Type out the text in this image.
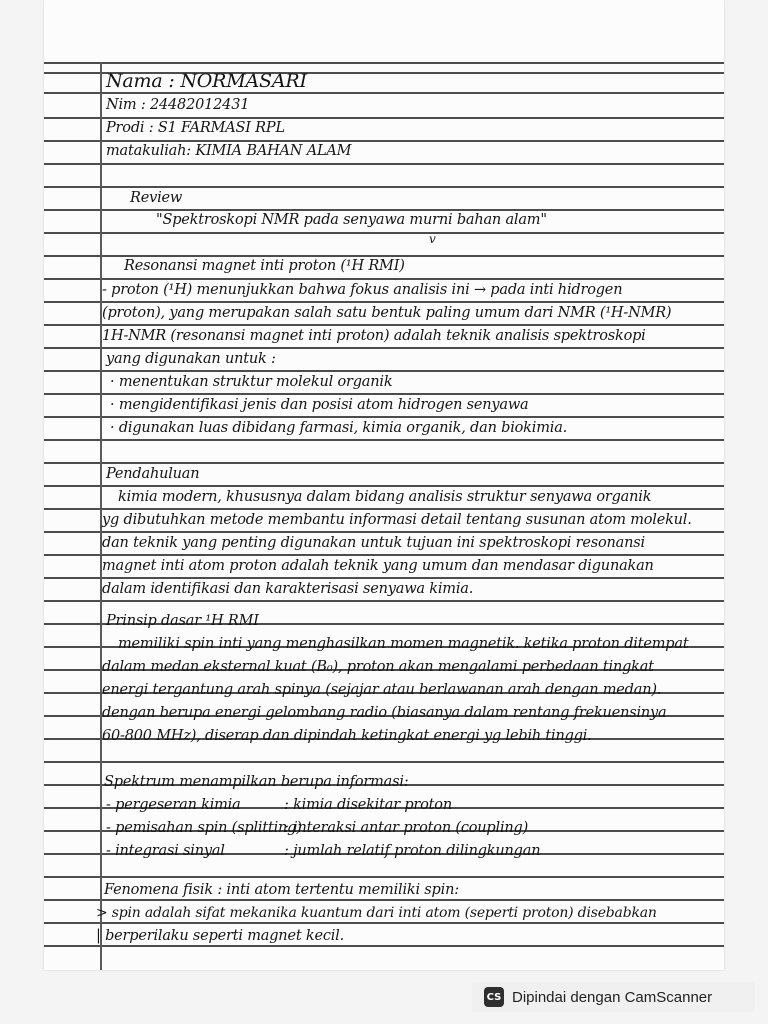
Nama : NORMASARI
Nim : 24482012431
Prodi : S1 FARMASI RPL
matakuliah: KIMIA BAHAN ALAM
Review
"Spektroskopi NMR pada senyawa murni bahan alam"
v
Resonansi magnet inti proton (¹H RMI)
- proton (¹H) menunjukkan bahwa fokus analisis ini → pada inti hidrogen
(proton), yang merupakan salah satu bentuk paling umum dari NMR (¹H-NMR)
1H-NMR (resonansi magnet inti proton) adalah teknik analisis spektroskopi
yang digunakan untuk :
· menentukan struktur molekul organik
· mengidentifikasi jenis dan posisi atom hidrogen senyawa
· digunakan luas dibidang farmasi, kimia organik, dan biokimia.
Pendahuluan
kimia modern, khususnya dalam bidang analisis struktur senyawa organik
yg dibutuhkan metode membantu informasi detail tentang susunan atom molekul.
dan teknik yang penting digunakan untuk tujuan ini spektroskopi resonansi
magnet inti atom proton adalah teknik yang umum dan mendasar digunakan
dalam identifikasi dan karakterisasi senyawa kimia.
Prinsip dasar ¹H RMI
memiliki spin inti yang menghasilkan momen magnetik. ketika proton ditempat
dalam medan eksternal kuat (B₀), proton akan mengalami perbedaan tingkat
energi tergantung arah spinya (sejajar atau berlawanan arah dengan medan).
dengan berupa energi gelombang radio (biasanya dalam rentang frekuensinya
60-800 MHz), diserap dan dipindah ketingkat energi yg lebih tinggi.
Spektrum menampilkan berupa informasi:
- pergeseran kimia	: kimia disekitar proton
- pemisahan spin (splitting)
: interaksi antar proton (coupling)
- integrasi sinyal	: jumlah relatif proton dilingkungan
Fenomena fisik : inti atom tertentu memiliki spin:
> spin adalah sifat mekanika kuantum dari inti atom (seperti proton) disebabkan
| berperilaku seperti magnet kecil.
CS Dipindai dengan CamScanner
